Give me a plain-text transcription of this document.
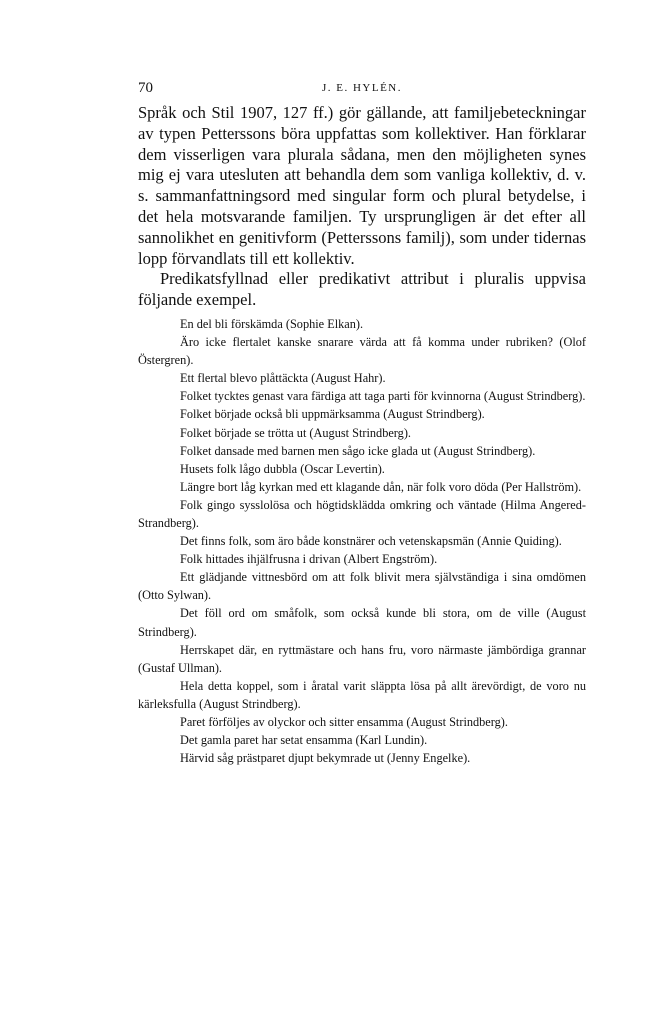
70	J. E. HYLÉN.

Språk och Stil 1907, 127 ff.) gör gällande, att familjebeteckningar av typen Petterssons böra uppfattas som kollektiver. Han förklarar dem visserligen vara plurala sådana, men den möjligheten synes mig ej vara utesluten att behandla dem som vanliga kollektiv, d. v. s. sammanfattningsord med singular form och plural betydelse, i det hela motsvarande familjen. Ty ursprungligen är det efter all sannolikhet en genitivform (Petterssons familj), som under tidernas lopp förvandlats till ett kollektiv.

Predikatsfyllnad eller predikativt attribut i pluralis uppvisa följande exempel.

En del bli förskämda (Sophie Elkan).

Äro icke flertalet kanske snarare värda att få komma under rubriken? (Olof Östergren).

Ett flertal blevo plåttäckta (August Hahr).

Folket tycktes genast vara färdiga att taga parti för kvinnorna (August Strindberg).

Folket började också bli uppmärksamma (August Strindberg).

Folket började se trötta ut (August Strindberg).

Folket dansade med barnen men sågo icke glada ut (August Strindberg).

Husets folk lågo dubbla (Oscar Levertin).

Längre bort låg kyrkan med ett klagande dån, när folk voro döda (Per Hallström).

Folk gingo sysslolösa och högtidsklädda omkring och väntade (Hilma Angered-Strandberg).

Det finns folk, som äro både konstnärer och vetenskapsmän (Annie Quiding).

Folk hittades ihjälfrusna i drivan (Albert Engström).

Ett glädjande vittnesbörd om att folk blivit mera självständiga i sina omdömen (Otto Sylwan).

Det föll ord om småfolk, som också kunde bli stora, om de ville (August Strindberg).

Herrskapet där, en ryttmästare och hans fru, voro närmaste jämbördiga grannar (Gustaf Ullman).

Hela detta koppel, som i åratal varit släppta lösa på allt ärevördigt, de voro nu kärleksfulla (August Strindberg).

Paret förföljes av olyckor och sitter ensamma (August Strindberg).

Det gamla paret har setat ensamma (Karl Lundin).

Härvid såg prästparet djupt bekymrade ut (Jenny Engelke).
